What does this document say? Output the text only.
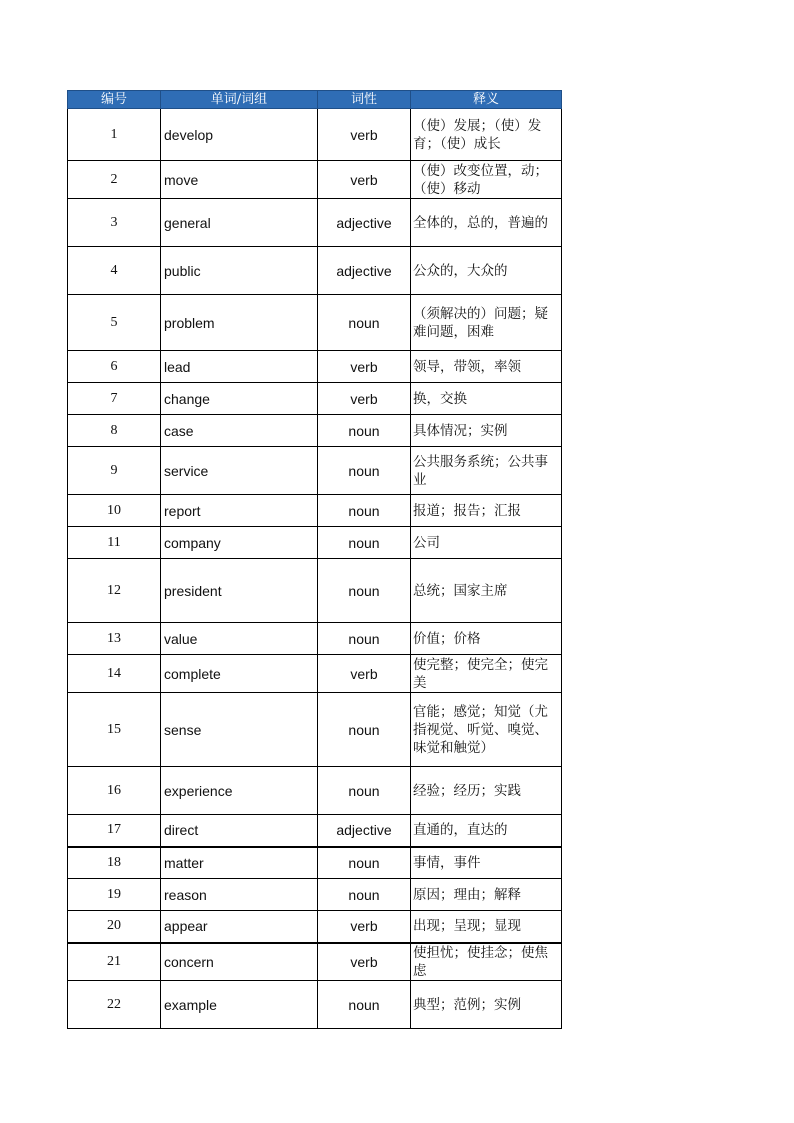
编号	单词/词组	词性	释义
1	develop	verb	（使）发展；（使）发育；（使）成长
2	move	verb	（使）改变位置，动；（使）移动
3	general	adjective	全体的，总的，普遍的
4	public	adjective	公众的，大众的
5	problem	noun	（须解决的）问题；疑难问题，困难
6	lead	verb	领导，带领，率领
7	change	verb	换，交换
8	case	noun	具体情况；实例
9	service	noun	公共服务系统；公共事业
10	report	noun	报道；报告；汇报
11	company	noun	公司
12	president	noun	总统；国家主席
13	value	noun	价值；价格
14	complete	verb	使完整；使完全；使完美
15	sense	noun	官能；感觉；知觉（尤指视觉、听觉、嗅觉、味觉和触觉）
16	experience	noun	经验；经历；实践
17	direct	adjective	直通的，直达的
18	matter	noun	事情，事件
19	reason	noun	原因；理由；解释
20	appear	verb	出现；呈现；显现
21	concern	verb	使担忧；使挂念；使焦虑
22	example	noun	典型；范例；实例
